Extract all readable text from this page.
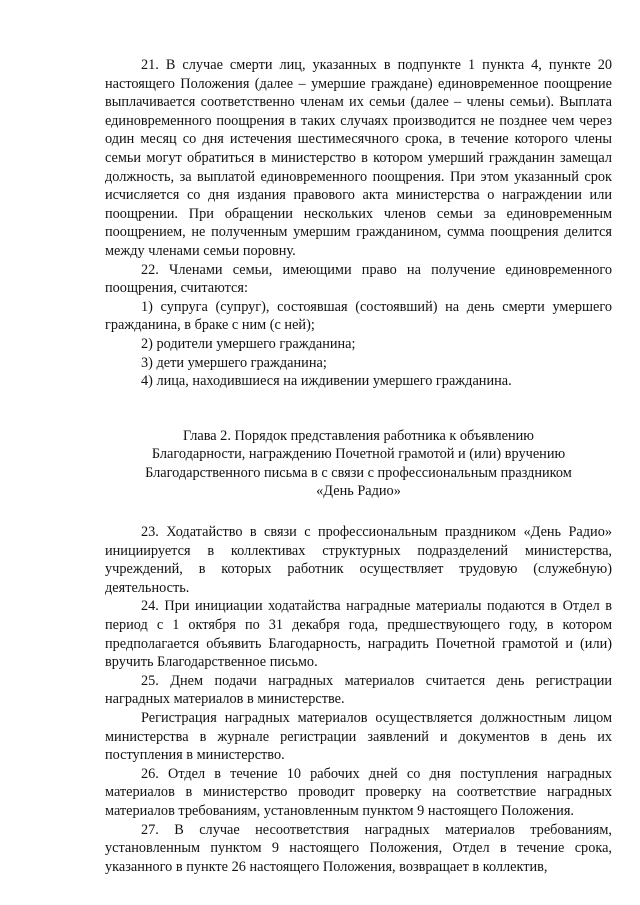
21. В случае смерти лиц, указанных в подпункте 1 пункта 4, пункте 20 настоящего Положения (далее – умершие граждане) единовременное поощрение выплачивается соответственно членам их семьи (далее – члены семьи). Выплата единовременного поощрения в таких случаях производится не позднее чем через один месяц со дня истечения шестимесячного срока, в течение которого члены семьи могут обратиться в министерство в котором умерший гражданин замещал должность, за выплатой единовременного поощрения. При этом указанный срок исчисляется со дня издания правового акта министерства о награждении или поощрении. При обращении нескольких членов семьи за единовременным поощрением, не полученным умершим гражданином, сумма поощрения делится между членами семьи поровну.

22. Членами семьи, имеющими право на получение единовременного поощрения, считаются:

1) супруга (супруг), состоявшая (состоявший) на день смерти умершего гражданина, в браке с ним (с ней);

2) родители умершего гражданина;

3) дети умершего гражданина;

4) лица, находившиеся на иждивении умершего гражданина.

Глава 2. Порядок представления работника к объявлению
Благодарности, награждению Почетной грамотой и (или) вручению
Благодарственного письма в с связи с профессиональным праздником
«День Радио»

23. Ходатайство в связи с профессиональным праздником «День Радио» инициируется в коллективах структурных подразделений министерства, учреждений, в которых работник осуществляет трудовую (служебную) деятельность.

24. При инициации ходатайства наградные материалы подаются в Отдел в период с 1 октября по 31 декабря года, предшествующего году, в котором предполагается объявить Благодарность, наградить Почетной грамотой и (или) вручить Благодарственное письмо.

25. Днем подачи наградных материалов считается день регистрации наградных материалов в министерстве.

Регистрация наградных материалов осуществляется должностным лицом министерства в журнале регистрации заявлений и документов в день их поступления в министерство.

26. Отдел в течение 10 рабочих дней со дня поступления наградных материалов в министерство проводит проверку на соответствие наградных материалов требованиям, установленным пунктом 9 настоящего Положения.

27. В случае несоответствия наградных материалов требованиям, установленным пунктом 9 настоящего Положения, Отдел в течение срока, указанного в пункте 26 настоящего Положения, возвращает в коллектив,
